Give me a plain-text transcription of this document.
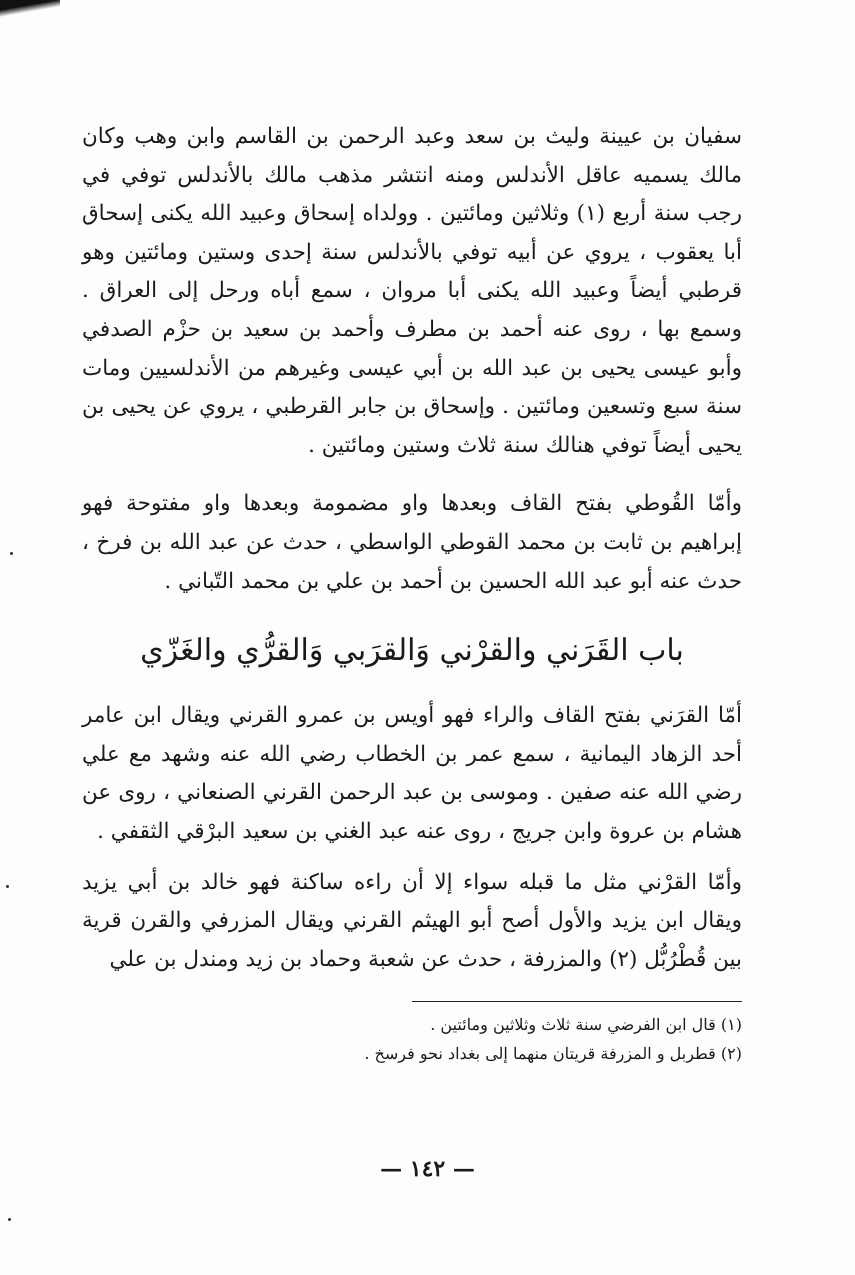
سفيان بن عيينة وليث بن سعد وعبد الرحمن بن القاسم وابن وهب وكان مالك يسميه عاقل الأندلس ومنه انتشر مذهب مالك بالأندلس توفي في رجب سنة أربع (١) وثلاثين ومائتين . وولداه إسحاق وعبيد الله يكنى إسحاق أبا يعقوب ، يروي عن أبيه توفي بالأندلس سنة إحدى وستين ومائتين وهو قرطبي أيضاً وعبيد الله يكنى أبا مروان ، سمع أباه ورحل إلى العراق . وسمع بها ، روى عنه أحمد بن مطرف وأحمد بن سعيد بن حزْم الصدفي وأبو عيسى يحيى بن عبد الله بن أبي عيسى وغيرهم من الأندلسيين ومات سنة سبع وتسعين ومائتين . وإسحاق بن جابر القرطبي ، يروي عن يحيى بن يحيى أيضاً توفي هنالك سنة ثلاث وستين ومائتين .

وأمّا القُوطي بفتح القاف وبعدها واو مضمومة وبعدها واو مفتوحة فهو إبراهيم بن ثابت بن محمد القوطي الواسطي ، حدث عن عبد الله بن فرخ ، حدث عنه أبو عبد الله الحسين بن أحمد بن علي بن محمد التّباني .

باب القَرَني والقرْني وَالقرَبي وَالقرُّي والغَزّي

أمّا القرَني بفتح القاف والراء فهو أويس بن عمرو القرني ويقال ابن عامر أحد الزهاد اليمانية ، سمع عمر بن الخطاب رضي الله عنه وشهد مع علي رضي الله عنه صفين . وموسى بن عبد الرحمن القرني الصنعاني ، روى عن هشام بن عروة وابن جريج ، روى عنه عبد الغني بن سعيد البرْقي الثقفي .

وأمّا القرْني مثل ما قبله سواء إلا أن راءه ساكنة فهو خالد بن أبي يزيد ويقال ابن يزيد والأول أصح أبو الهيثم القرني ويقال المزرفي والقرن قرية بين قُطْرُبُّل (٢) والمزرفة ، حدث عن شعبة وحماد بن زيد ومندل بن علي

(١) قال ابن الفرضي سنة ثلاث وثلاثين ومائتين .

(٢) قطربل و المزرفة قريتان منهما إلى بغداد نحو فرسخ .

— ١٤٢ —
